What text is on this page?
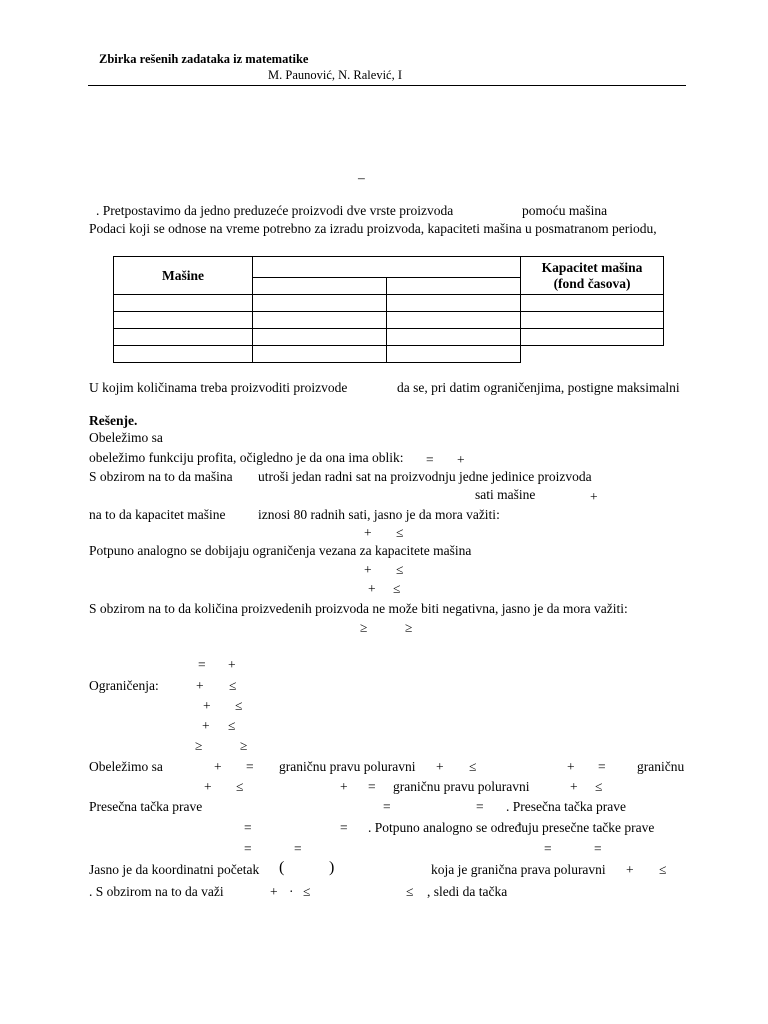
Zbirka rešenih zadataka iz matematike
M. Paunović, N. Ralević, I
–
. Pretpostavimo da jedno preduzeće proizvodi dve vrste proizvoda	pomoću mašina
Podaci koji se odnose na vreme potrebno za izradu proizvoda, kapaciteti mašina u posmatranom periodu,
Mašine			Kapacitet mašina
(fond časova)

U kojim količinama treba proizvoditi proizvode	da se, pri datim ograničenjima, postigne maksimalni
Rešenje.
Obeležimo sa
obeležimo funkciju profita, očigledno je da ona ima oblik: = +
S obzirom na to da mašina utroši jedan radni sat na proizvodnju jedne jedinice proizvoda
sati mašine	+
na to da kapacitet mašine iznosi 80 radnih sati, jasno je da mora važiti:
+ ≤
Potpuno analogno se dobijaju ograničenja vezana za kapacitete mašina
+ ≤
+ ≤
S obzirom na to da količina proizvedenih proizvoda ne može biti negativna, jasno je da mora važiti:
≥	≥
= +
Ograničenja:	+ ≤
+ ≤
+ ≤
≥	≥
Obeležimo sa	+ = graničnu pravu poluravni + ≤	+ = graničnu
+ ≤	+ = graničnu pravu poluravni	+ ≤
Presečna tačka prave	=	= . Presečna tačka prave
=	= . Potpuno analogno se određuju presečne tačke prave
=	=	=	=
Jasno je da koordinatni početak (	)	koja je granična prava poluravni + ≤
. S obzirom na to da važi	+ · ≤	≤ , sledi da tačka
